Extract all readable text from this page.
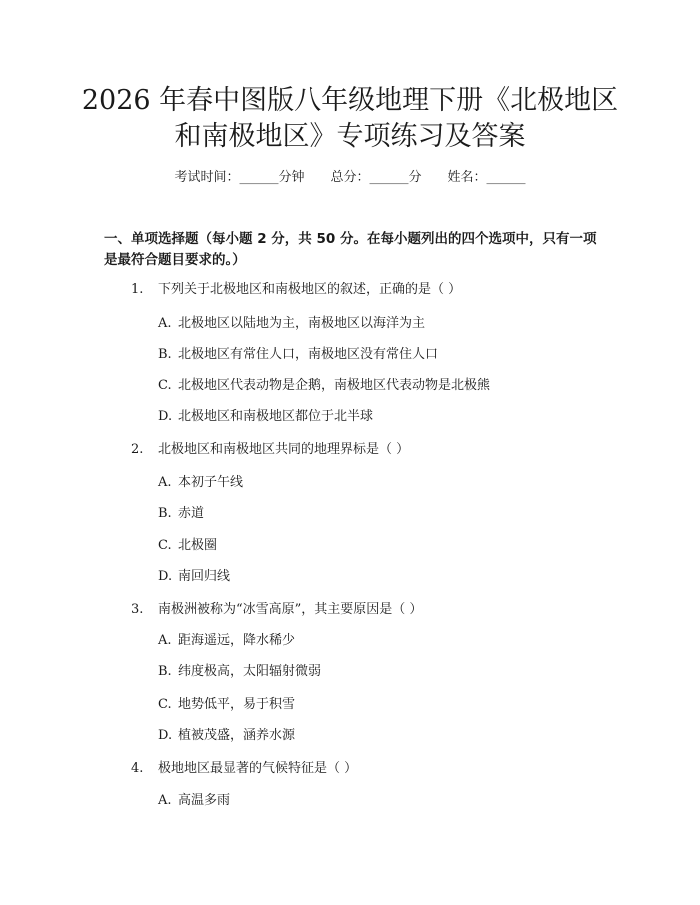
2026 年春中图版八年级地理下册《北极地区
和南极地区》专项练习及答案
考试时间：______分钟 总分：______分 姓名：______
一、单项选择题（每小题 2 分，共 50 分。在每小题列出的四个选项中，只有一项是最符合题目要求的。）
1. 下列关于北极地区和南极地区的叙述，正确的是（ ）
A. 北极地区以陆地为主，南极地区以海洋为主
B. 北极地区有常住人口，南极地区没有常住人口
C. 北极地区代表动物是企鹅，南极地区代表动物是北极熊
D. 北极地区和南极地区都位于北半球
2. 北极地区和南极地区共同的地理界标是（ ）
A. 本初子午线
B. 赤道
C. 北极圈
D. 南回归线
3. 南极洲被称为“冰雪高原”，其主要原因是（ ）
A. 距海遥远，降水稀少
B. 纬度极高，太阳辐射微弱
C. 地势低平，易于积雪
D. 植被茂盛，涵养水源
4. 极地地区最显著的气候特征是（ ）
A. 高温多雨
